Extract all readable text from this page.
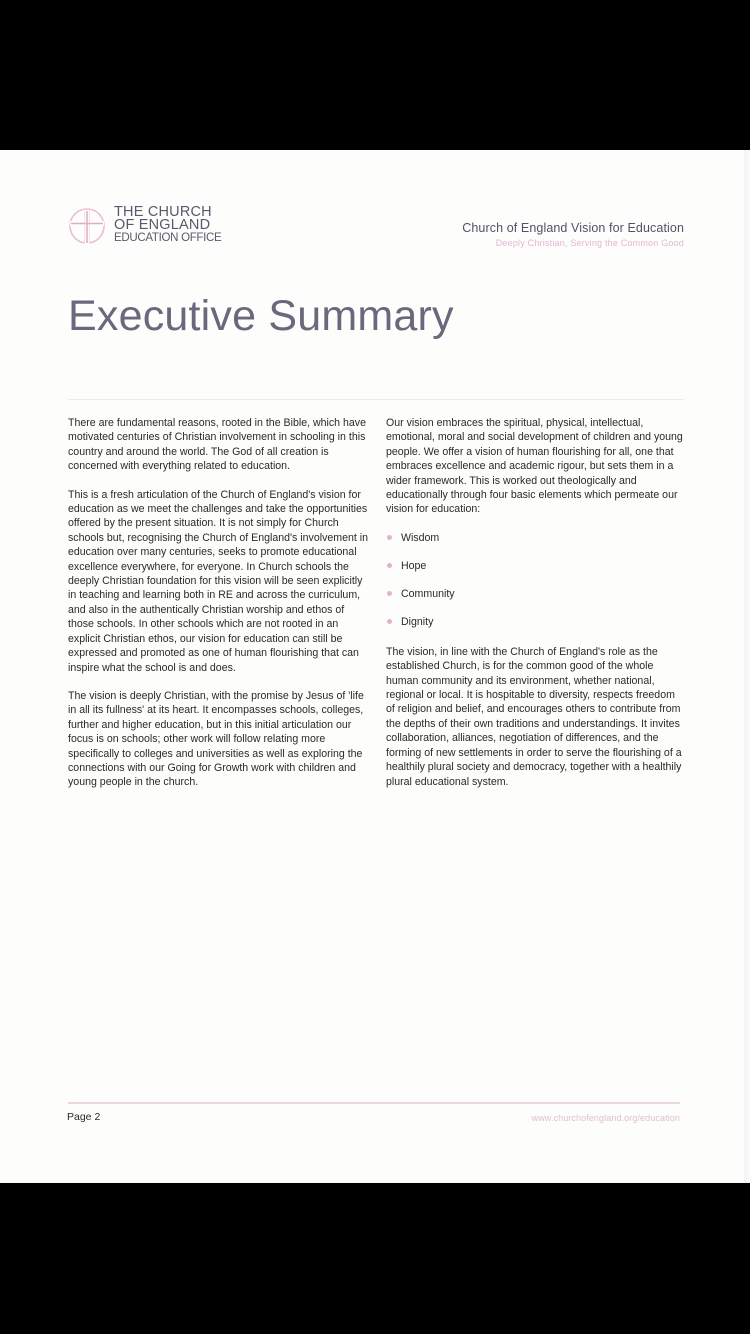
THE CHURCH
OF ENGLAND
EDUCATION OFFICE
Church of England Vision for Education
Deeply Christian, Serving the Common Good
Executive Summary

There are fundamental reasons, rooted in the Bible, which have motivated centuries of Christian involvement in schooling in this country and around the world. The God of all creation is concerned with everything related to education.

This is a fresh articulation of the Church of England's vision for education as we meet the challenges and take the opportunities offered by the present situation. It is not simply for Church schools but, recognising the Church of England's involvement in education over many centuries, seeks to promote educational excellence everywhere, for everyone. In Church schools the deeply Christian foundation for this vision will be seen explicitly in teaching and learning both in RE and across the curriculum, and also in the authentically Christian worship and ethos of those schools. In other schools which are not rooted in an explicit Christian ethos, our vision for education can still be expressed and promoted as one of human flourishing that can inspire what the school is and does.

The vision is deeply Christian, with the promise by Jesus of 'life in all its fullness' at its heart. It encompasses schools, colleges, further and higher education, but in this initial articulation our focus is on schools; other work will follow relating more specifically to colleges and universities as well as exploring the connections with our Going for Growth work with children and young people in the church.

Our vision embraces the spiritual, physical, intellectual, emotional, moral and social development of children and young people. We offer a vision of human flourishing for all, one that embraces excellence and academic rigour, but sets them in a wider framework. This is worked out theologically and educationally through four basic elements which permeate our vision for education:

Wisdom
Hope
Community
Dignity

The vision, in line with the Church of England's role as the established Church, is for the common good of the whole human community and its environment, whether national, regional or local. It is hospitable to diversity, respects freedom of religion and belief, and encourages others to contribute from the depths of their own traditions and understandings. It invites collaboration, alliances, negotiation of differences, and the forming of new settlements in order to serve the flourishing of a healthily plural society and democracy, together with a healthily plural educational system.

Page 2	www.churchofengland.org/education
